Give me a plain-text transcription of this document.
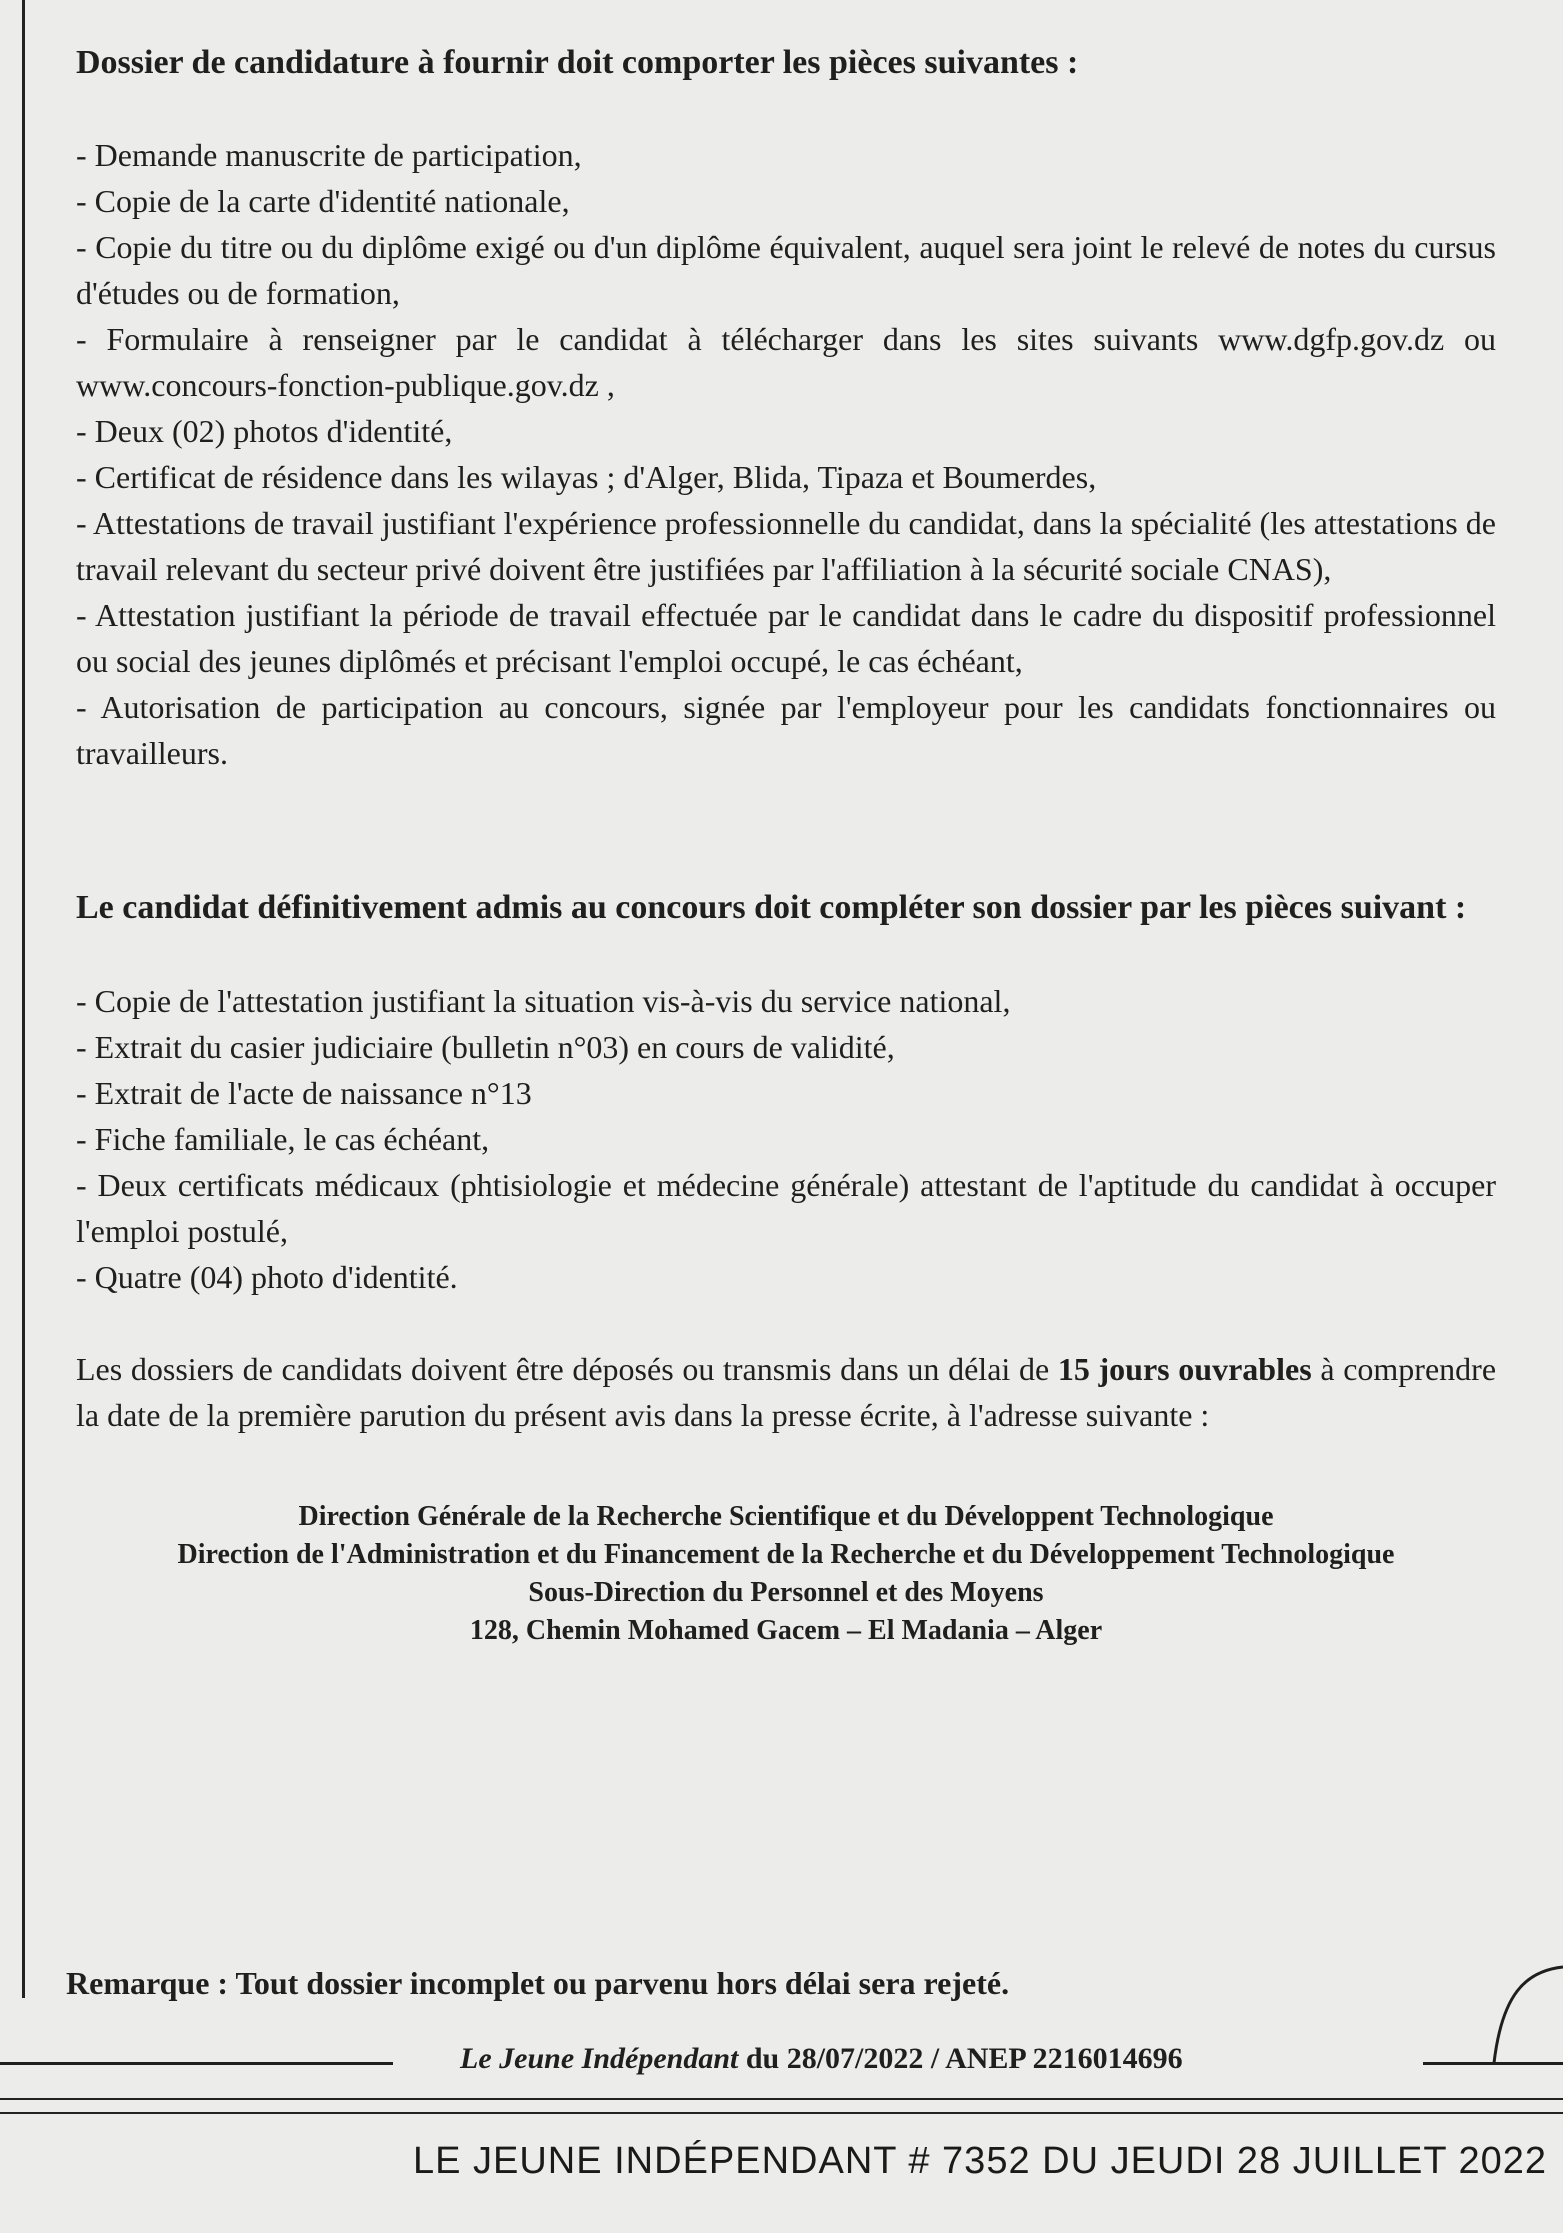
Dossier de candidature à fournir doit comporter les pièces suivantes :

- Demande manuscrite de participation,
- Copie de la carte d'identité nationale,
- Copie du titre ou du diplôme exigé ou d'un diplôme équivalent, auquel sera joint le relevé de notes du cursus d'études ou de formation,
- Formulaire à renseigner par le candidat à télécharger dans les sites suivants www.dgfp.gov.dz ou www.concours-fonction-publique.gov.dz ,
- Deux (02) photos d'identité,
- Certificat de résidence dans les wilayas ; d'Alger, Blida, Tipaza et Boumerdes,
- Attestations de travail justifiant l'expérience professionnelle du candidat, dans la spécialité (les attestations de travail relevant du secteur privé doivent être justifiées par l'affiliation à la sécurité sociale CNAS),
- Attestation justifiant la période de travail effectuée par le candidat dans le cadre du dispositif professionnel ou social des jeunes diplômés et précisant l'emploi occupé, le cas échéant,
- Autorisation de participation au concours, signée par l'employeur pour les candidats fonctionnaires ou travailleurs.

Le candidat définitivement admis au concours doit compléter son dossier par les pièces suivant :

- Copie de l'attestation justifiant la situation vis-à-vis du service national,
- Extrait du casier judiciaire (bulletin n°03) en cours de validité,
- Extrait de l'acte de naissance n°13
- Fiche familiale, le cas échéant,
- Deux certificats médicaux (phtisiologie et médecine générale) attestant de l'aptitude du candidat à occuper l'emploi postulé,
- Quatre (04) photo d'identité.

Les dossiers de candidats doivent être déposés ou transmis dans un délai de 15 jours ouvrables à comprendre la date de la première parution du présent avis dans la presse écrite, à l'adresse suivante :

Direction Générale de la Recherche Scientifique et du Développent Technologique
Direction de l'Administration et du Financement de la Recherche et du Développement Technologique
Sous-Direction du Personnel et des Moyens
128, Chemin Mohamed Gacem – El Madania – Alger
Remarque : Tout dossier incomplet ou parvenu hors délai sera rejeté.
Le Jeune Indépendant du 28/07/2022 / ANEP 2216014696
LE JEUNE INDÉPENDANT # 7352 DU JEUDI 28 JUILLET 2022
